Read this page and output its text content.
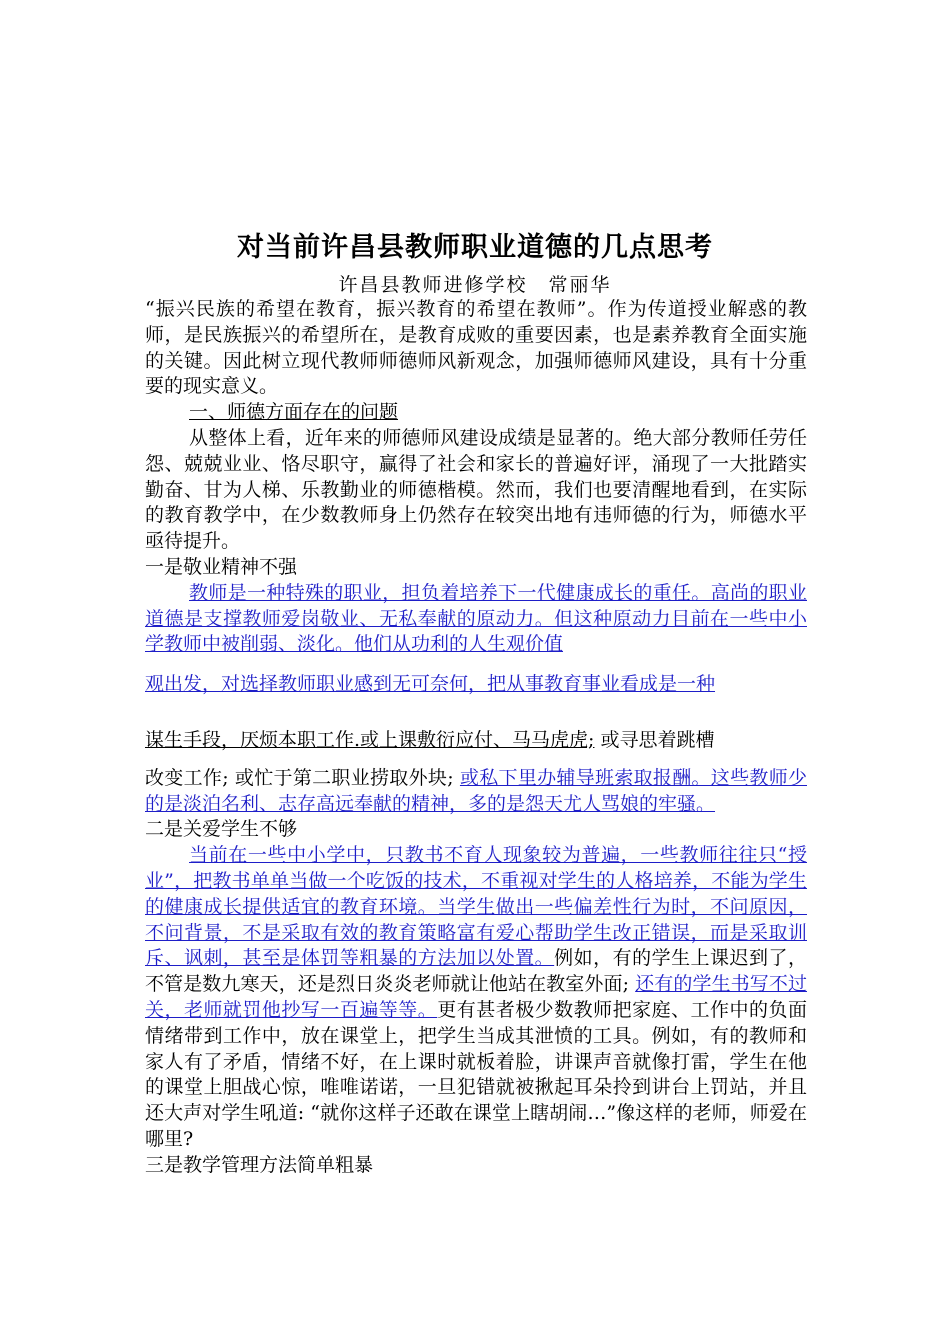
对当前许昌县教师职业道德的几点思考
许昌县教师进修学校　常丽华

“振兴民族的希望在教育，振兴教育的希望在教师”。作为传道授业解惑的教师，是民族振兴的希望所在，是教育成败的重要因素，也是素养教育全面实施的关键。因此树立现代教师师德师风新观念，加强师德师风建设，具有十分重要的现实意义。

一、师德方面存在的问题

从整体上看，近年来的师德师风建设成绩是显著的。绝大部分教师任劳任怨、兢兢业业、恪尽职守，赢得了社会和家长的普遍好评，涌现了一大批踏实勤奋、甘为人梯、乐教勤业的师德楷模。然而，我们也要清醒地看到，在实际的教育教学中，在少数教师身上仍然存在较突出地有违师德的行为，师德水平亟待提升。

一是敬业精神不强

教师是一种特殊的职业，担负着培养下一代健康成长的重任。高尚的职业道德是支撑教师爱岗敬业、无私奉献的原动力。但这种原动力目前在一些中小学教师中被削弱、淡化。他们从功利的人生观价值

观出发，对选择教师职业感到无可奈何，把从事教育事业看成是一种

谋生手段，厌烦本职工作.或上课敷衍应付、马马虎虎; 或寻思着跳槽

改变工作; 或忙于第二职业捞取外块; 或私下里办辅导班索取报酬。这些教师少的是淡泊名利、志存高远奉献的精神，多的是怨天尤人骂娘的牢骚。

二是关爱学生不够

当前在一些中小学中，只教书不育人现象较为普遍，一些教师往往只“授业”，把教书单单当做一个吃饭的技术，不重视对学生的人格培养，不能为学生的健康成长提供适宜的教育环境。当学生做出一些偏差性行为时，不问原因，不问背景，不是采取有效的教育策略富有爱心帮助学生改正错误，而是采取训斥、讽刺，甚至是体罚等粗暴的方法加以处置。例如，有的学生上课迟到了，不管是数九寒天，还是烈日炎炎老师就让他站在教室外面; 还有的学生书写不过关，老师就罚他抄写一百遍等等。更有甚者极少数教师把家庭、工作中的负面情绪带到工作中，放在课堂上，把学生当成其泄愤的工具。例如，有的教师和家人有了矛盾，情绪不好，在上课时就板着脸，讲课声音就像打雷，学生在他的课堂上胆战心惊，唯唯诺诺，一旦犯错就被揪起耳朵拎到讲台上罚站，并且还大声对学生吼道: “就你这样子还敢在课堂上瞎胡闹…”像这样的老师，师爱在哪里?

三是教学管理方法简单粗暴
